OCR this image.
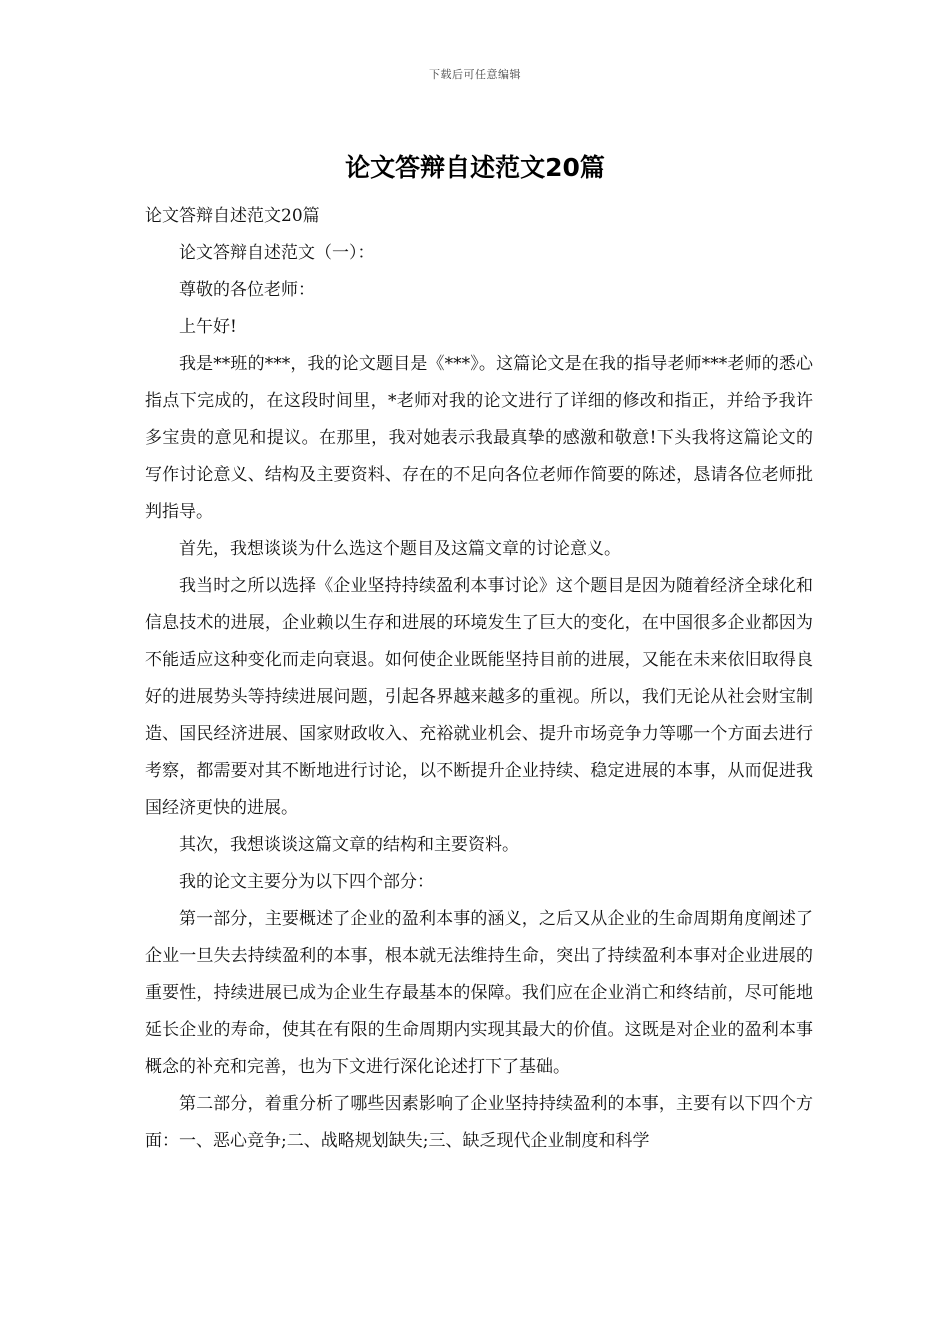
下载后可任意编辑
论文答辩自述范文20篇

论文答辩自述范文20篇

论文答辩自述范文（一）：

尊敬的各位老师：

上午好!

我是**班的***，我的论文题目是《***》。这篇论文是在我的指导老师***老师的悉心指点下完成的，在这段时间里，*老师对我的论文进行了详细的修改和指正，并给予我许多宝贵的意见和提议。在那里，我对她表示我最真挚的感激和敬意!下头我将这篇论文的写作讨论意义、结构及主要资料、存在的不足向各位老师作简要的陈述，恳请各位老师批判指导。

首先，我想谈谈为什么选这个题目及这篇文章的讨论意义。

我当时之所以选择《企业坚持持续盈利本事讨论》这个题目是因为随着经济全球化和信息技术的进展，企业赖以生存和进展的环境发生了巨大的变化，在中国很多企业都因为不能适应这种变化而走向衰退。如何使企业既能坚持目前的进展，又能在未来依旧取得良好的进展势头等持续进展问题，引起各界越来越多的重视。所以，我们无论从社会财宝制造、国民经济进展、国家财政收入、充裕就业机会、提升市场竞争力等哪一个方面去进行考察，都需要对其不断地进行讨论，以不断提升企业持续、稳定进展的本事，从而促进我国经济更快的进展。

其次，我想谈谈这篇文章的结构和主要资料。

我的论文主要分为以下四个部分：

第一部分，主要概述了企业的盈利本事的涵义，之后又从企业的生命周期角度阐述了企业一旦失去持续盈利的本事，根本就无法维持生命，突出了持续盈利本事对企业进展的重要性，持续进展已成为企业生存最基本的保障。我们应在企业消亡和终结前，尽可能地延长企业的寿命，使其在有限的生命周期内实现其最大的价值。这既是对企业的盈利本事概念的补充和完善，也为下文进行深化论述打下了基础。

第二部分，着重分析了哪些因素影响了企业坚持持续盈利的本事，主要有以下四个方面：一、恶心竞争;二、战略规划缺失;三、缺乏现代企业制度和科学
